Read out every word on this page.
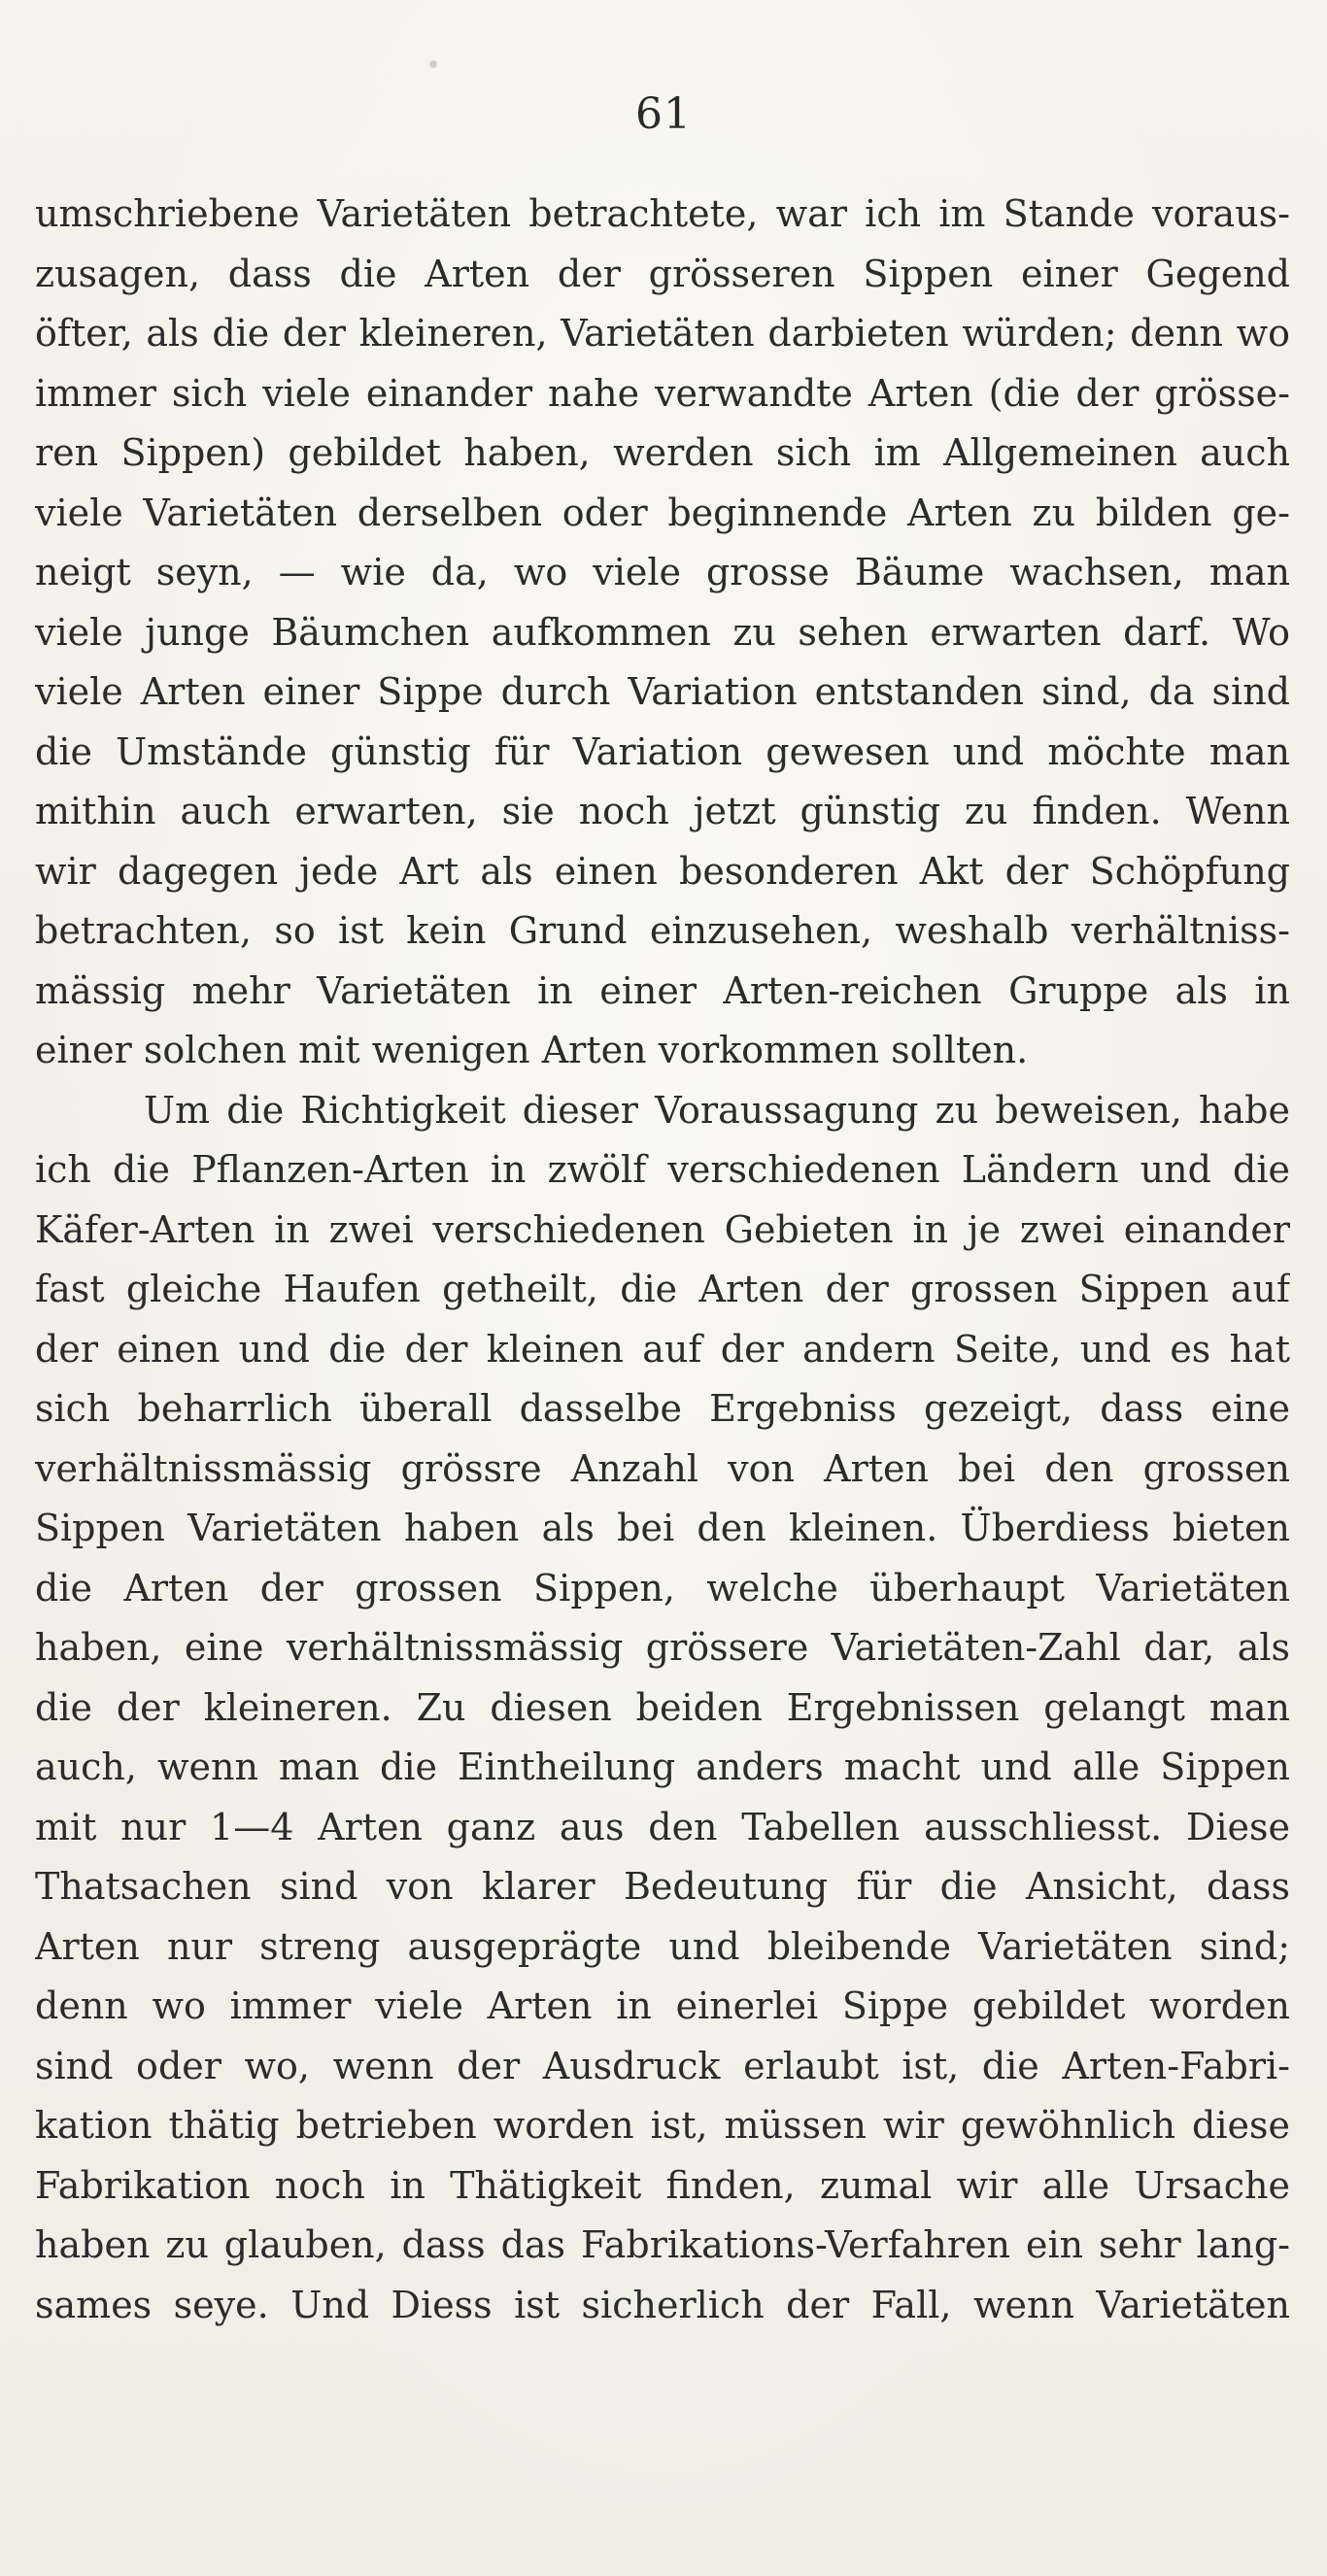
61
umschriebene Varietäten betrachtete, war ich im Stande voraus-
zusagen, dass die Arten der grösseren Sippen einer Gegend
öfter, als die der kleineren, Varietäten darbieten würden; denn wo
immer sich viele einander nahe verwandte Arten (die der grösse-
ren Sippen) gebildet haben, werden sich im Allgemeinen auch
viele Varietäten derselben oder beginnende Arten zu bilden ge-
neigt seyn, — wie da, wo viele grosse Bäume wachsen, man
viele junge Bäumchen aufkommen zu sehen erwarten darf. Wo
viele Arten einer Sippe durch Variation entstanden sind, da sind
die Umstände günstig für Variation gewesen und möchte man
mithin auch erwarten, sie noch jetzt günstig zu finden. Wenn
wir dagegen jede Art als einen besonderen Akt der Schöpfung
betrachten, so ist kein Grund einzusehen, weshalb verhältniss-
mässig mehr Varietäten in einer Arten-reichen Gruppe als in
einer solchen mit wenigen Arten vorkommen sollten.
Um die Richtigkeit dieser Voraussagung zu beweisen, habe
ich die Pflanzen-Arten in zwölf verschiedenen Ländern und die
Käfer-Arten in zwei verschiedenen Gebieten in je zwei einander
fast gleiche Haufen getheilt, die Arten der grossen Sippen auf
der einen und die der kleinen auf der andern Seite, und es hat
sich beharrlich überall dasselbe Ergebniss gezeigt, dass eine
verhältnissmässig grössre Anzahl von Arten bei den grossen
Sippen Varietäten haben als bei den kleinen. Überdiess bieten
die Arten der grossen Sippen, welche überhaupt Varietäten
haben, eine verhältnissmässig grössere Varietäten-Zahl dar, als
die der kleineren. Zu diesen beiden Ergebnissen gelangt man
auch, wenn man die Eintheilung anders macht und alle Sippen
mit nur 1—4 Arten ganz aus den Tabellen ausschliesst. Diese
Thatsachen sind von klarer Bedeutung für die Ansicht, dass
Arten nur streng ausgeprägte und bleibende Varietäten sind;
denn wo immer viele Arten in einerlei Sippe gebildet worden
sind oder wo, wenn der Ausdruck erlaubt ist, die Arten-Fabri-
kation thätig betrieben worden ist, müssen wir gewöhnlich diese
Fabrikation noch in Thätigkeit finden, zumal wir alle Ursache
haben zu glauben, dass das Fabrikations-Verfahren ein sehr lang-
sames seye. Und Diess ist sicherlich der Fall, wenn Varietäten
